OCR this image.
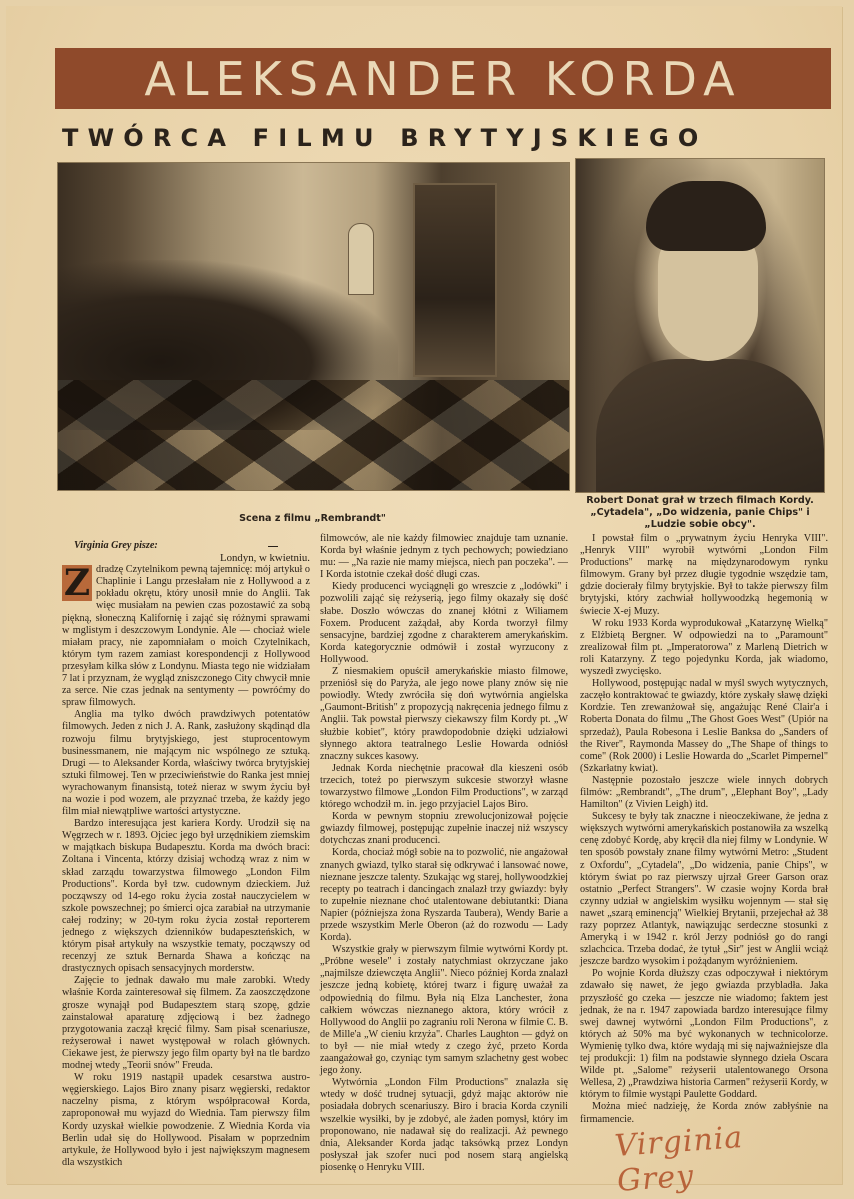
ALEKSANDER KORDA
TWÓRCA FILMU BRYTYJSKIEGO
Scena z filmu „Rembrandt"
Robert Donat grał w trzech filmach Kordy. „Cytadela", „Do widzenia, panie Chips" i „Ludzie sobie obcy".

Virginia Grey pisze:

Londyn, w kwietniu.

Z dradzę Czytelnikom pewną tajemnicę: mój artykuł o Chaplinie i Langu przesłałam nie z Hollywood a z pokładu okrętu, który unosił mnie do Anglii. Tak więc musiałam na pewien czas pozostawić za sobą piękną, słoneczną Kalifornię i zająć się różnymi sprawami w mglistym i deszczowym Londynie. Ale — chociaż wiele miałam pracy, nie zapomniałam o moich Czytelnikach, którym tym razem zamiast korespondencji z Hollywood przesyłam kilka słów z Londynu. Miasta tego nie widziałam 7 lat i przyznam, że wygląd zniszczonego City chwycił mnie za serce. Nie czas jednak na sentymenty — powróćmy do spraw filmowych.

Anglia ma tylko dwóch prawdziwych potentatów filmowych. Jeden z nich J. A. Rank, zasłużony skądinąd dla rozwoju filmu brytyjskiego, jest stuprocentowym businessmanem, nie mającym nic wspólnego ze sztuką. Drugi — to Aleksander Korda, właściwy twórca brytyjskiej sztuki filmowej. Ten w przeciwieństwie do Ranka jest mniej wyrachowanym finansistą, toteż nieraz w swym życiu był na wozie i pod wozem, ale przyznać trzeba, że każdy jego film miał niewątpliwe wartości artystyczne.

Bardzo interesująca jest kariera Kordy. Urodził się na Węgrzech w r. 1893. Ojciec jego był urzędnikiem ziemskim w majątkach biskupa Budapesztu. Korda ma dwóch braci: Zoltana i Vincenta, którzy dzisiaj wchodzą wraz z nim w skład zarządu towarzystwa filmowego „London Film Productions". Korda był tzw. cudownym dzieckiem. Już począwszy od 14-ego roku życia został nauczycielem w szkole powszechnej; po śmierci ojca zarabiał na utrzymanie całej rodziny; w 20-tym roku życia został reporterem jednego z większych dzienników budapeszteńskich, w którym pisał artykuły na wszystkie tematy, począwszy od recenzyj ze sztuk Bernarda Shawa a kończąc na drastycznych opisach sensacyjnych morderstw.

Zajęcie to jednak dawało mu małe zarobki. Wtedy właśnie Korda zainteresował się filmem. Za zaoszczędzone grosze wynajął pod Budapesztem starą szopę, gdzie zainstalował aparaturę zdjęciową i bez żadnego przygotowania zaczął kręcić filmy. Sam pisał scenariusze, reżyserował i nawet występował w rolach głównych. Ciekawe jest, że pierwszy jego film oparty był na tle bardzo modnej wtedy „Teorii snów" Freuda.

W roku 1919 nastąpił upadek cesarstwa austro-węgierskiego. Lajos Biro znany pisarz węgierski, redaktor naczelny pisma, z którym współpracował Korda, zaproponował mu wyjazd do Wiednia. Tam pierwszy film Kordy uzyskał wielkie powodzenie. Z Wiednia Korda via Berlin udał się do Hollywood. Pisałam w poprzednim artykule, że Hollywood było i jest największym magnesem dla wszystkich

filmowców, ale nie każdy filmowiec znajduje tam uznanie. Korda był właśnie jednym z tych pechowych; powiedziano mu: — „Na razie nie mamy miejsca, niech pan poczeka". — I Korda istotnie czekał dość długi czas.

Kiedy producenci wyciągnęli go wreszcie z „lodówki" i pozwolili zająć się reżyserią, jego filmy okazały się dość słabe. Doszło wówczas do znanej kłótni z Wiliamem Foxem. Producent zażądał, aby Korda tworzył filmy sensacyjne, bardziej zgodne z charakterem amerykańskim. Korda kategorycznie odmówił i został wyrzucony z Hollywood.

Z niesmakiem opuścił amerykańskie miasto filmowe, przeniósł się do Paryża, ale jego nowe plany znów się nie powiodły. Wtedy zwróciła się doń wytwórnia angielska „Gaumont-British" z propozycją nakręcenia jednego filmu z Anglii. Tak powstał pierwszy ciekawszy film Kordy pt. „W służbie kobiet", który prawdopodobnie dzięki udziałowi słynnego aktora teatralnego Leslie Howarda odniósł znaczny sukces kasowy.

Jednak Korda niechętnie pracował dla kieszeni osób trzecich, toteż po pierwszym sukcesie stworzył własne towarzystwo filmowe „London Film Productions", w zarząd którego wchodził m. in. jego przyjaciel Lajos Biro.

Korda w pewnym stopniu zrewolucjonizował pojęcie gwiazdy filmowej, postępując zupełnie inaczej niż wszyscy dotychczas znani producenci.

Korda, chociaż mógł sobie na to pozwolić, nie angażował znanych gwiazd, tylko starał się odkrywać i lansować nowe, nieznane jeszcze talenty. Szukając wg starej, hollywoodzkiej recepty po teatrach i dancingach znalazł trzy gwiazdy: były to zupełnie nieznane choć utalentowane debiutantki: Diana Napier (późniejsza żona Ryszarda Taubera), Wendy Barie a przede wszystkim Merle Oberon (aż do rozwodu — Lady Korda).

Wszystkie grały w pierwszym filmie wytwórni Kordy pt. „Próbne wesele" i zostały natychmiast okrzyczane jako „najmilsze dziewczęta Anglii". Nieco później Korda znalazł jeszcze jedną kobietę, której twarz i figurę uważał za odpowiednią do filmu. Była nią Elza Lanchester, żona całkiem wówczas nieznanego aktora, który wrócił z Hollywood do Anglii po zagraniu roli Nerona w filmie C. B. de Mille'a „W cieniu krzyża". Charles Laughton — gdyż on to był — nie miał wtedy z czego żyć, przeto Korda zaangażował go, czyniąc tym samym szlachetny gest wobec jego żony.

Wytwórnia „London Film Productions" znalazła się wtedy w dość trudnej sytuacji, gdyż mając aktorów nie posiadała dobrych scenariuszy. Biro i bracia Korda czynili wszelkie wysiłki, by je zdobyć, ale żaden pomysł, który im proponowano, nie nadawał się do realizacji. Aż pewnego dnia, Aleksander Korda jadąc taksówką przez Londyn posłyszał jak szofer nuci pod nosem starą angielską piosenkę o Henryku VIII.

I powstał film o „prywatnym życiu Henryka VIII". „Henryk VIII" wyrobił wytwórni „London Film Productions" markę na międzynarodowym rynku filmowym. Grany był przez długie tygodnie wszędzie tam, gdzie docierały filmy brytyjskie. Był to także pierwszy film brytyjski, który zachwiał hollywoodzką hegemonią w świecie X-ej Muzy.

W roku 1933 Korda wyprodukował „Katarzynę Wielką" z Elżbietą Bergner. W odpowiedzi na to „Paramount" zrealizował film pt. „Imperatorowa" z Marleną Dietrich w roli Katarzyny. Z tego pojedynku Korda, jak wiadomo, wyszedł zwycięsko.

Hollywood, postępując nadal w myśl swych wytycznych, zaczęło kontraktować te gwiazdy, które zyskały sławę dzięki Kordzie. Ten zrewanżował się, angażując René Clair'a i Roberta Donata do filmu „The Ghost Goes West" (Upiór na sprzedaż), Paula Robesona i Leslie Banksa do „Sanders of the River", Raymonda Massey do „The Shape of things to come" (Rok 2000) i Leslie Howarda do „Scarlet Pimpernel" (Szkarłatny kwiat).

Następnie pozostało jeszcze wiele innych dobrych filmów: „Rembrandt", „The drum", „Elephant Boy", „Lady Hamilton" (z Vivien Leigh) itd.

Sukcesy te były tak znaczne i nieoczekiwane, że jedna z większych wytwórni amerykańskich postanowiła za wszelką cenę zdobyć Kordę, aby kręcił dla niej filmy w Londynie. W ten sposób powstały znane filmy wytwórni Metro: „Student z Oxfordu", „Cytadela", „Do widzenia, panie Chips", w którym świat po raz pierwszy ujrzał Greer Garson oraz ostatnio „Perfect Strangers". W czasie wojny Korda brał czynny udział w angielskim wysiłku wojennym — stał się nawet „szarą eminencją" Wielkiej Brytanii, przejechał aż 38 razy poprzez Atlantyk, nawiązując serdeczne stosunki z Ameryką i w 1942 r. król Jerzy podniósł go do rangi szlachcica. Trzeba dodać, że tytuł „Sir" jest w Anglii wciąż jeszcze bardzo wysokim i pożądanym wyróżnieniem.

Po wojnie Korda dłuższy czas odpoczywał i niektórym zdawało się nawet, że jego gwiazda przybladła. Jaka przyszłość go czeka — jeszcze nie wiadomo; faktem jest jednak, że na r. 1947 zapowiada bardzo interesujące filmy swej dawnej wytwórni „London Film Productions", z których aż 50% ma być wykonanych w technicolorze. Wymienię tylko dwa, które wydają mi się najważniejsze dla tej produkcji: 1) film na podstawie słynnego dzieła Oscara Wilde pt. „Salome" reżyserii utalentowanego Orsona Wellesa, 2) „Prawdziwa historia Carmen" reżyserii Kordy, w którym to filmie wystąpi Paulette Goddard.

Można mieć nadzieję, że Korda znów zabłyśnie na firmamencie.

Virginia Grey
